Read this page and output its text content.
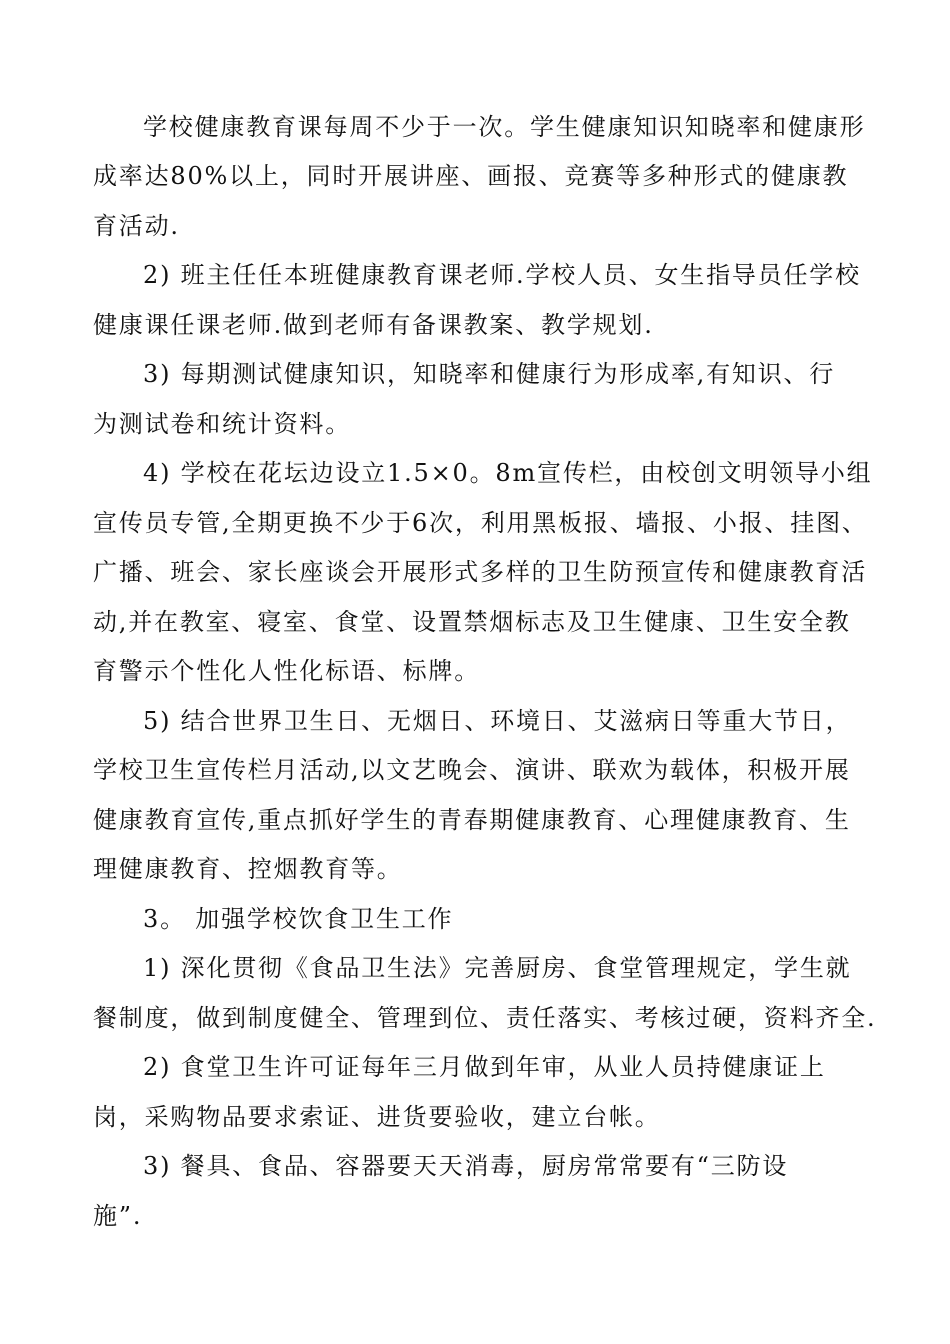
学校健康教育课每周不少于一次。学生健康知识知晓率和健康形
成率达80%以上，同时开展讲座、画报、竞赛等多种形式的健康教
育活动.
2) 班主任任本班健康教育课老师.学校人员、女生指导员任学校
健康课任课老师.做到老师有备课教案、教学规划.
3) 每期测试健康知识，知晓率和健康行为形成率,有知识、行
为测试卷和统计资料。
4) 学校在花坛边设立1.5×0。8m宣传栏，由校创文明领导小组
宣传员专管,全期更换不少于6次，利用黑板报、墙报、小报、挂图、
广播、班会、家长座谈会开展形式多样的卫生防预宣传和健康教育活
动,并在教室、寝室、食堂、设置禁烟标志及卫生健康、卫生安全教
育警示个性化人性化标语、标牌。
5) 结合世界卫生日、无烟日、环境日、艾滋病日等重大节日，
学校卫生宣传栏月活动,以文艺晚会、演讲、联欢为载体，积极开展
健康教育宣传,重点抓好学生的青春期健康教育、心理健康教育、生
理健康教育、控烟教育等。
3。 加强学校饮食卫生工作
1) 深化贯彻《食品卫生法》完善厨房、食堂管理规定，学生就
餐制度，做到制度健全、管理到位、责任落实、考核过硬，资料齐全.
2) 食堂卫生许可证每年三月做到年审，从业人员持健康证上
岗，采购物品要求索证、进货要验收，建立台帐。
3) 餐具、食品、容器要天天消毒，厨房常常要有“三防设
施”.
